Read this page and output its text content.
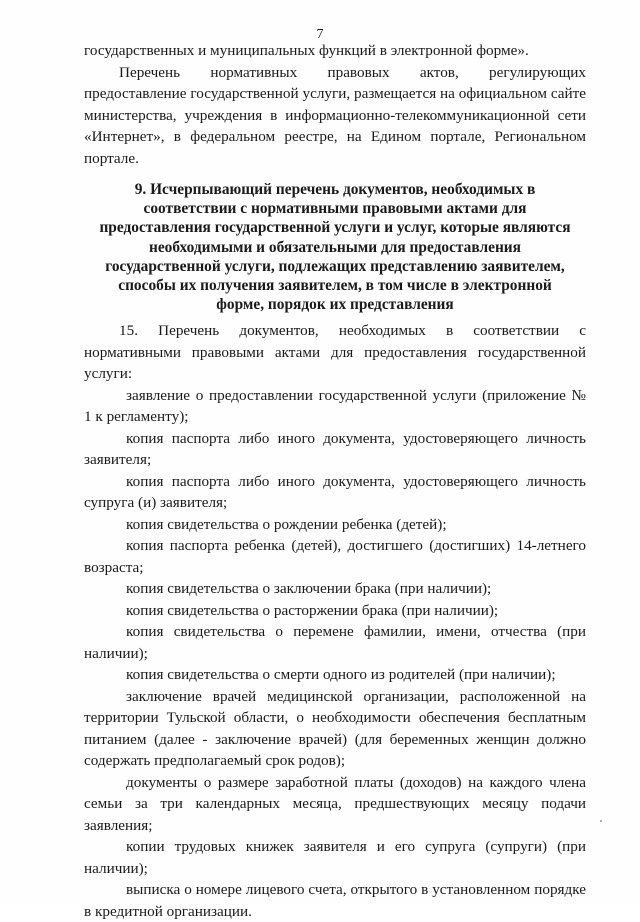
7

государственных и муниципальных функций в электронной форме».

Перечень нормативных правовых актов, регулирующих предоставление государственной услуги, размещается на официальном сайте министерства, учреждения в информационно-телекоммуникационной сети «Интернет», в федеральном реестре, на Едином портале, Региональном портале.

9. Исчерпывающий перечень документов, необходимых в соответствии с нормативными правовыми актами для предоставления государственной услуги и услуг, которые являются необходимыми и обязательными для предоставления государственной услуги, подлежащих представлению заявителем, способы их получения заявителем, в том числе в электронной форме, порядок их представления

15. Перечень документов, необходимых в соответствии с нормативными правовыми актами для предоставления государственной услуги:

заявление о предоставлении государственной услуги (приложение № 1 к регламенту);

копия паспорта либо иного документа, удостоверяющего личность заявителя;

копия паспорта либо иного документа, удостоверяющего личность супруга (и) заявителя;

копия свидетельства о рождении ребенка (детей);

копия паспорта ребенка (детей), достигшего (достигших) 14-летнего возраста;

копия свидетельства о заключении брака (при наличии);

копия свидетельства о расторжении брака (при наличии);

копия свидетельства о перемене фамилии, имени, отчества (при наличии);

копия свидетельства о смерти одного из родителей (при наличии);

заключение врачей медицинской организации, расположенной на территории Тульской области, о необходимости обеспечения бесплатным питанием (далее - заключение врачей) (для беременных женщин должно содержать предполагаемый срок родов);

документы о размере заработной платы (доходов) на каждого члена семьи за три календарных месяца, предшествующих месяцу подачи заявления;

копии трудовых книжек заявителя и его супруга (супруги) (при наличии);

выписка о номере лицевого счета, открытого в установленном порядке в кредитной организации.
